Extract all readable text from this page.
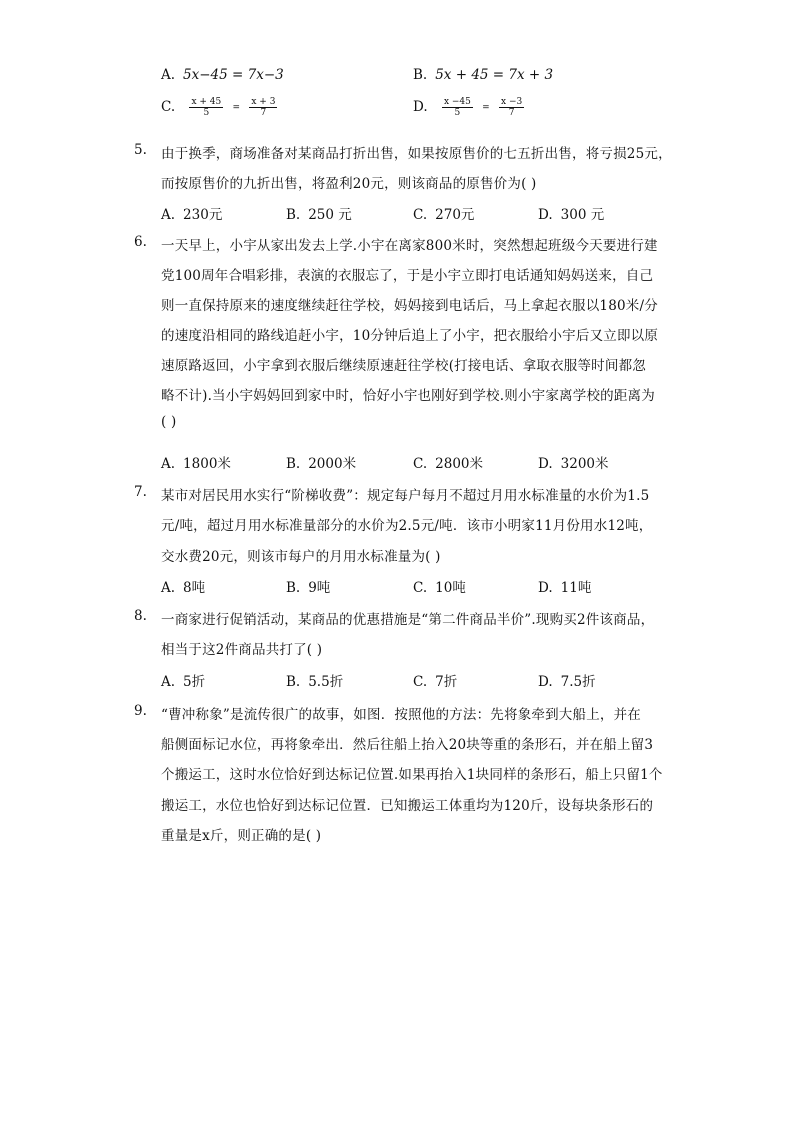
A. 5x−45 = 7x−3	B. 5x + 45 = 7x + 3
C. $\frac{x + 45}{5} = \frac{x + 3}{7}$	D. $\frac{x -45}{5} = \frac{x -3}{7}$
5. 由于换季，商场准备对某商品打折出售，如果按原售价的七五折出售，将亏损25元，
而按原售价的九折出售，将盈利20元，则该商品的原售价为( )
A. 230元	B. 250 元	C. 270元	D. 300 元
6. 一天早上，小宇从家出发去上学.小宇在离家800米时，突然想起班级今天要进行建
党100周年合唱彩排，表演的衣服忘了，于是小宇立即打电话通知妈妈送来，自己
则一直保持原来的速度继续赶往学校，妈妈接到电话后，马上拿起衣服以180米/分
的速度沿相同的路线追赶小宇，10分钟后追上了小宇，把衣服给小宇后又立即以原
速原路返回，小宇拿到衣服后继续原速赶往学校(打接电话、拿取衣服等时间都忽
略不计).当小宇妈妈回到家中时，恰好小宇也刚好到学校.则小宇家离学校的距离为
( )
A. 1800米	B. 2000米	C. 2800米	D. 3200米
7. 某市对居民用水实行“阶梯收费”：规定每户每月不超过月用水标准量的水价为1.5
元/吨，超过月用水标准量部分的水价为2.5元/吨．该市小明家11月份用水12吨，
交水费20元，则该市每户的月用水标准量为( )
A. 8吨	B. 9吨	C. 10吨	D. 11吨
8. 一商家进行促销活动，某商品的优惠措施是“第二件商品半价”.现购买2件该商品，
相当于这2件商品共打了( )
A. 5折	B. 5.5折	C. 7折	D. 7.5折
9. “曹冲称象”是流传很广的故事，如图．按照他的方法：先将象牵到大船上，并在
船侧面标记水位，再将象牵出．然后往船上抬入20块等重的条形石，并在船上留3
个搬运工，这时水位恰好到达标记位置.如果再抬入1块同样的条形石，船上只留1个
搬运工，水位也恰好到达标记位置．已知搬运工体重均为120斤，设每块条形石的
重量是x斤，则正确的是( )
